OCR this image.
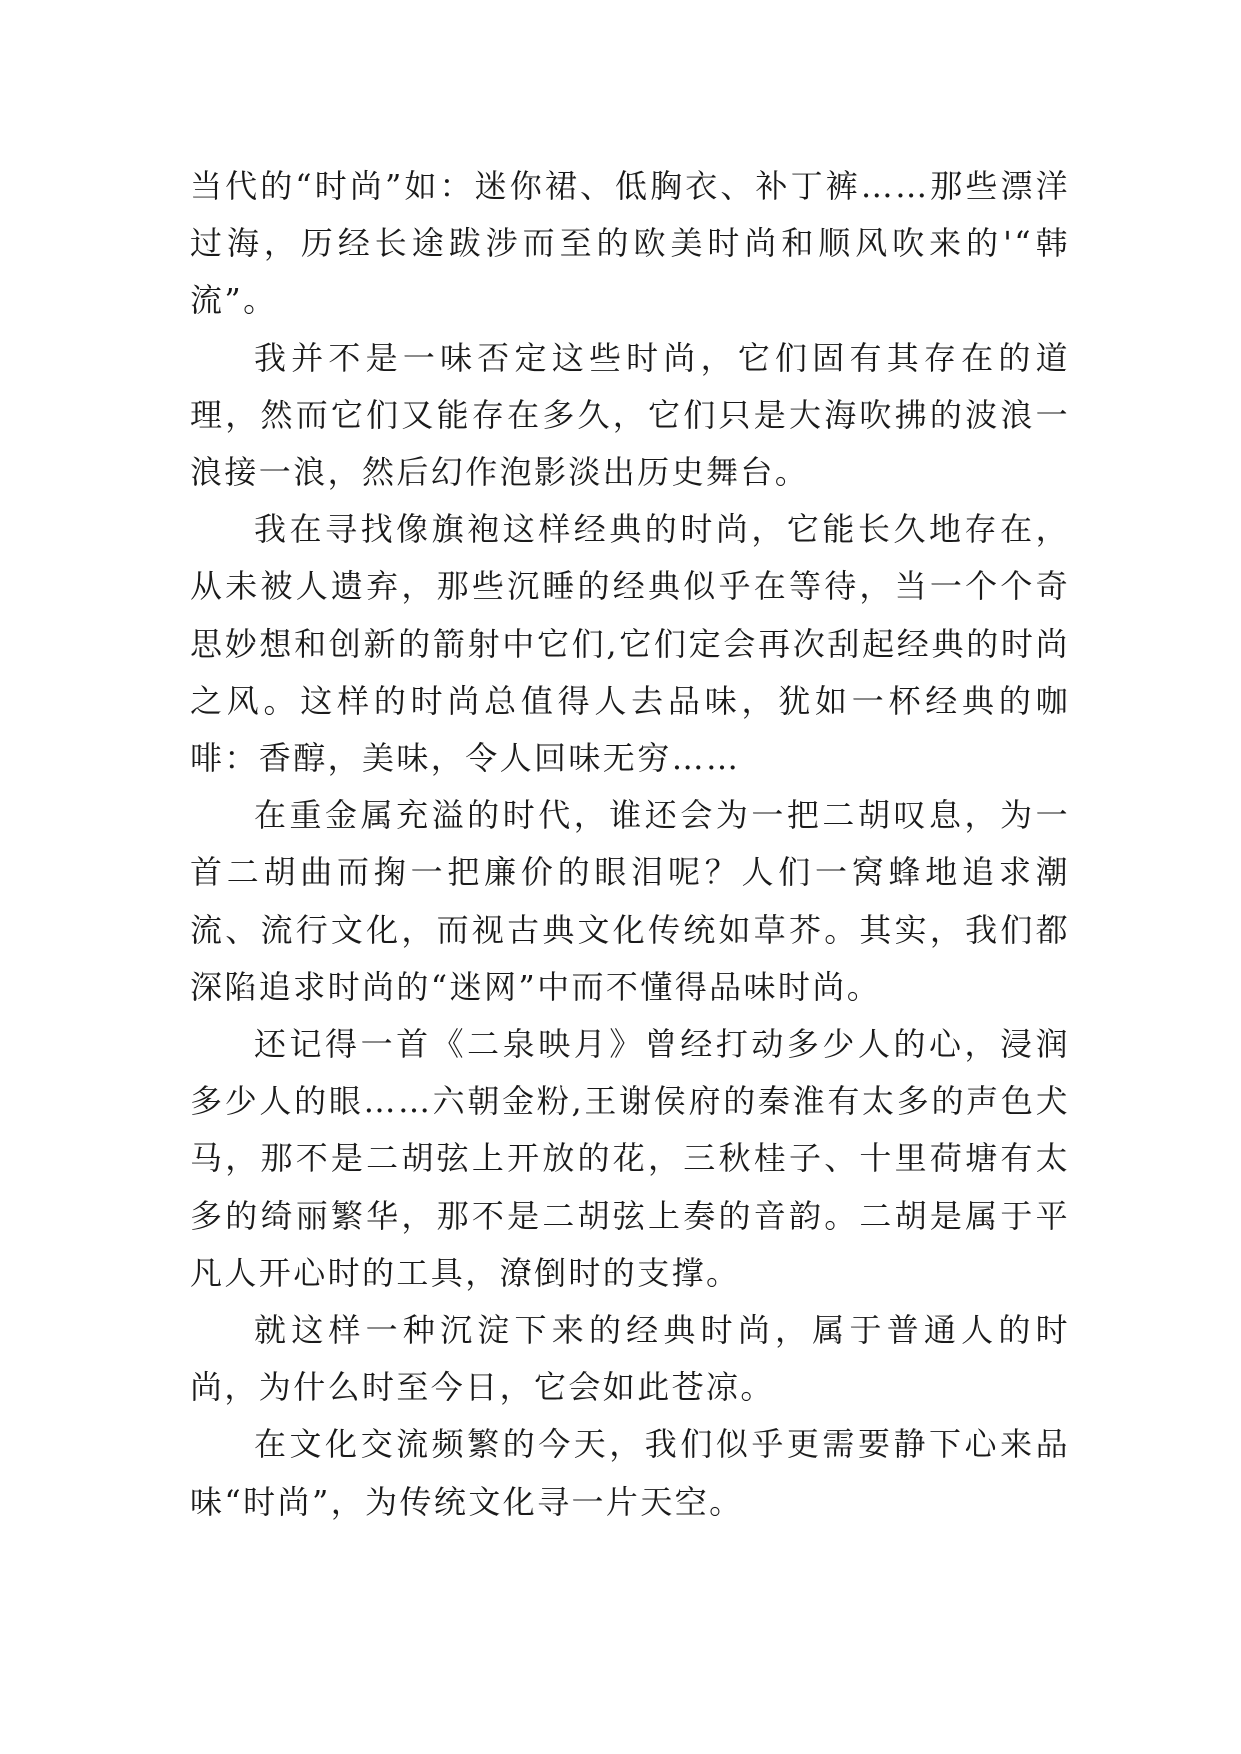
当代的“时尚”如：迷你裙、低胸衣、补丁裤……那些漂洋过海，历经长途跋涉而至的欧美时尚和顺风吹来的'“韩流”。

我并不是一味否定这些时尚，它们固有其存在的道理，然而它们又能存在多久，它们只是大海吹拂的波浪一浪接一浪，然后幻作泡影淡出历史舞台。

我在寻找像旗袍这样经典的时尚，它能长久地存在，从未被人遗弃，那些沉睡的经典似乎在等待，当一个个奇思妙想和创新的箭射中它们,它们定会再次刮起经典的时尚之风。这样的时尚总值得人去品味，犹如一杯经典的咖啡：香醇，美味，令人回味无穷……

在重金属充溢的时代，谁还会为一把二胡叹息，为一首二胡曲而掬一把廉价的眼泪呢？人们一窝蜂地追求潮流、流行文化，而视古典文化传统如草芥。其实，我们都深陷追求时尚的“迷网”中而不懂得品味时尚。

还记得一首《二泉映月》曾经打动多少人的心，浸润多少人的眼……六朝金粉,王谢侯府的秦淮有太多的声色犬马，那不是二胡弦上开放的花，三秋桂子、十里荷塘有太多的绮丽繁华，那不是二胡弦上奏的音韵。二胡是属于平凡人开心时的工具，潦倒时的支撑。

就这样一种沉淀下来的经典时尚，属于普通人的时尚，为什么时至今日，它会如此苍凉。

在文化交流频繁的今天，我们似乎更需要静下心来品味“时尚”，为传统文化寻一片天空。
